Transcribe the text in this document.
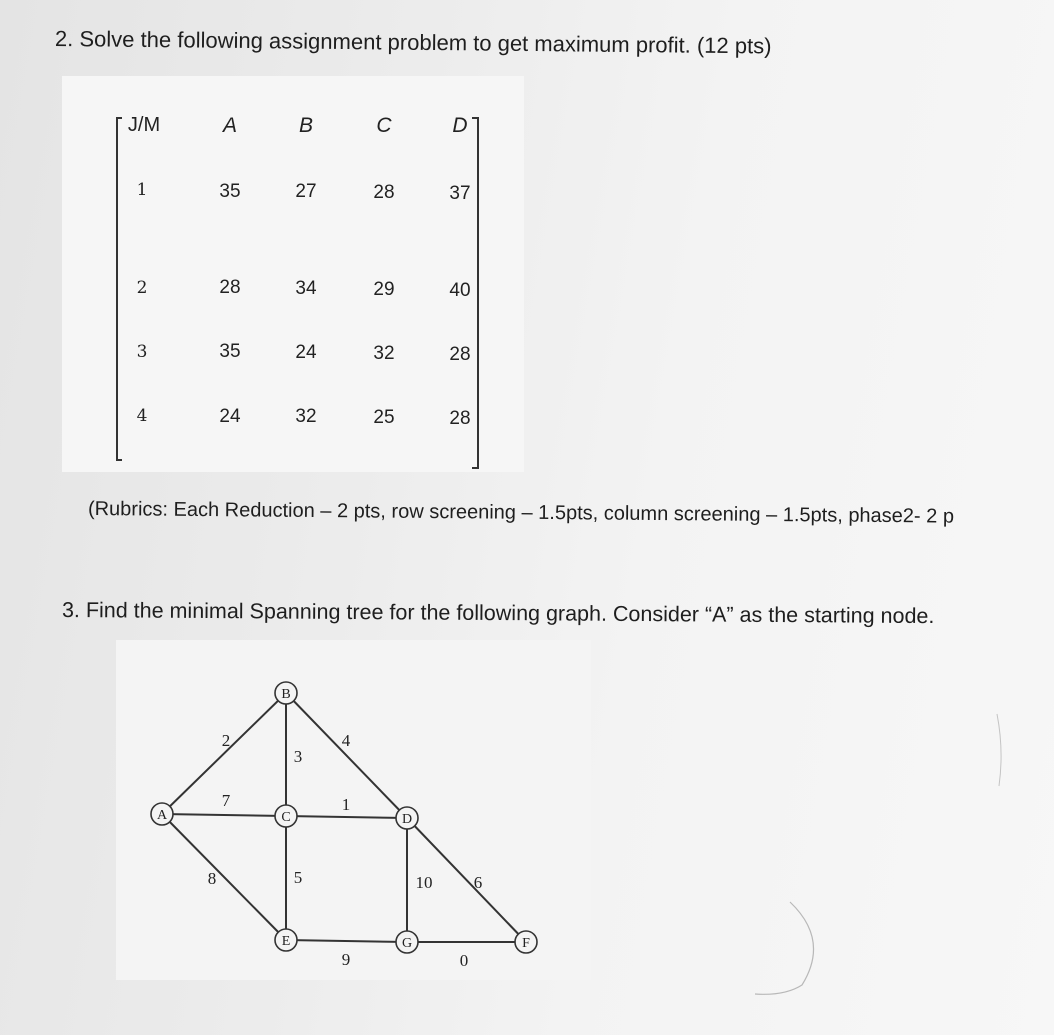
2. Solve the following assignment problem to get maximum profit. (12 pts)
J/M	A	B	C	D
1	35	27	28	37
2	28	34	29	40
3	35	24	32	28
4	24	32	25	28
(Rubrics: Each Reduction – 2 pts, row screening – 1.5pts, column screening – 1.5pts, phase2- 2 p
3. Find the minimal Spanning tree for the following graph. Consider “A” as the starting node.
A
B
C	D
E	G	F
2
7
8
3
4
1
5	10 6
9	0
